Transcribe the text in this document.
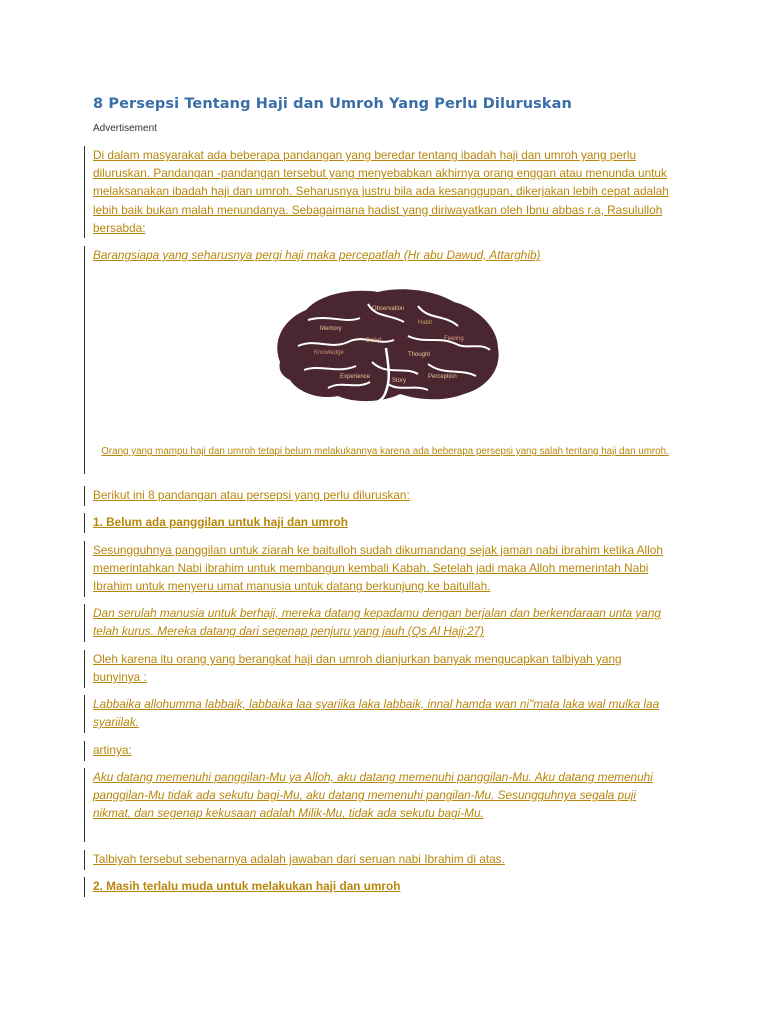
8 Persepsi Tentang Haji dan Umroh Yang Perlu Diluruskan
Advertisement
Di dalam masyarakat ada beberapa pandangan yang beredar tentang ibadah haji dan umroh yang perlu diluruskan. Pandangan -pandangan tersebut yang menyebabkan akhirnya orang enggan atau menunda untuk melaksanakan ibadah haji dan umroh. Seharusnya justru bila ada kesanggupan, dikerjakan lebih cepat adalah lebih baik bukan malah menundanya. Sebagaimana hadist yang diriwayatkan oleh Ibnu abbas r.a, Rasululloh bersabda:
Barangsiapa yang seharusnya pergi haji maka percepatlah (Hr abu Dawud, Attarghib)
Memory
Observation
Habit
Knowledge
Belief
Thought
Feeling
Experience
Story
Perception
Orang yang mampu haji dan umroh tetapi belum melakukannya karena ada beberapa persepsi yang salah tentang haji dan umroh.
Berikut ini 8 pandangan atau persepsi yang perlu diluruskan:
1. Belum ada panggilan untuk haji dan umroh
Sesungguhnya panggilan untuk ziarah ke baitulloh sudah dikumandang sejak jaman nabi ibrahim ketika Alloh memerintahkan Nabi ibrahim untuk membangun kembali Kabah. Setelah jadi maka Alloh memerintah Nabi Ibrahim untuk menyeru umat manusia untuk datang berkunjung ke baitullah.
Dan serulah manusia untuk berhaji, mereka datang kepadamu dengan berjalan dan berkendaraan unta yang telah kurus. Mereka datang dari segenap penjuru yang jauh (Qs Al Hajj:27)
Oleh karena itu orang yang berangkat haji dan umroh dianjurkan banyak mengucapkan talbiyah yang bunyinya :
Labbaika allohumma labbaik, labbaika laa syariika laka labbaik, innal hamda wan ni"mata laka wal mulka laa syariilak.
artinya:
Aku datang memenuhi panggilan-Mu ya Alloh, aku datang memenuhi panggilan-Mu. Aku datang memenuhi panggilan-Mu tidak ada sekutu bagi-Mu, aku datang memenuhi pangilan-Mu. Sesungguhnya segala puji nikmat, dan segenap kekusaan adalah Milik-Mu, tidak ada sekutu bagi-Mu.
Talbiyah tersebut sebenarnya adalah jawaban dari seruan nabi Ibrahim di atas.
2. Masih terlalu muda untuk melakukan haji dan umroh
